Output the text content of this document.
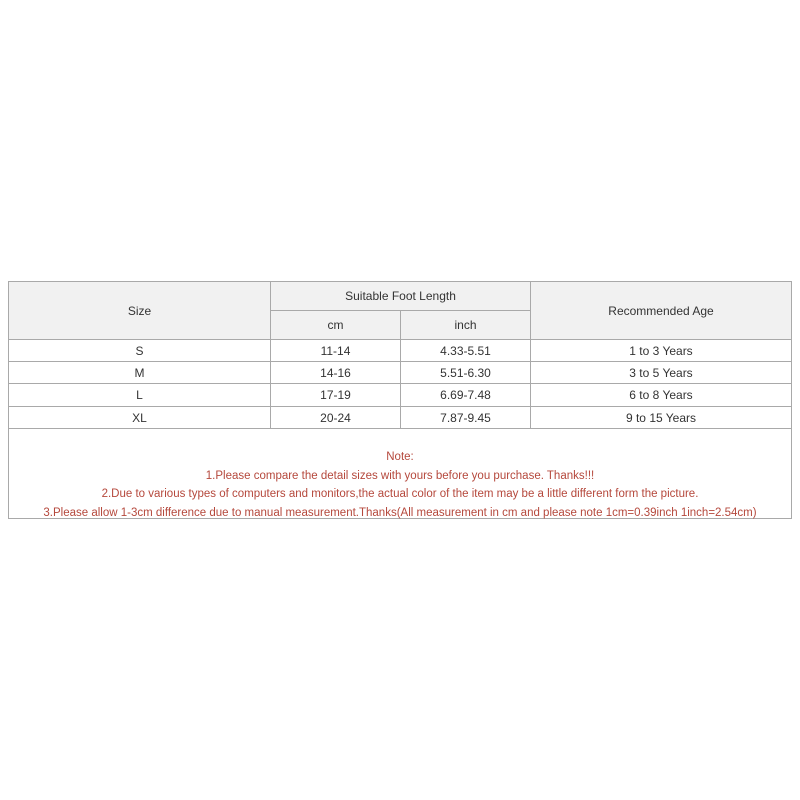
Size
Suitable Foot Length
cm	inch
Recommended Age
S	11-14	4.33-5.51	1 to 3 Years
M	14-16	5.51-6.30	3 to 5 Years
L	17-19	6.69-7.48	6 to 8 Years
XL	20-24	7.87-9.45	9 to 15 Years
Note:
1.Please compare the detail sizes with yours before you purchase. Thanks!!!
2.Due to various types of computers and monitors,the actual color of the item may be a little different form the picture.
3.Please allow 1-3cm difference due to manual measurement.Thanks(All measurement in cm and please note 1cm=0.39inch 1inch=2.54cm)
